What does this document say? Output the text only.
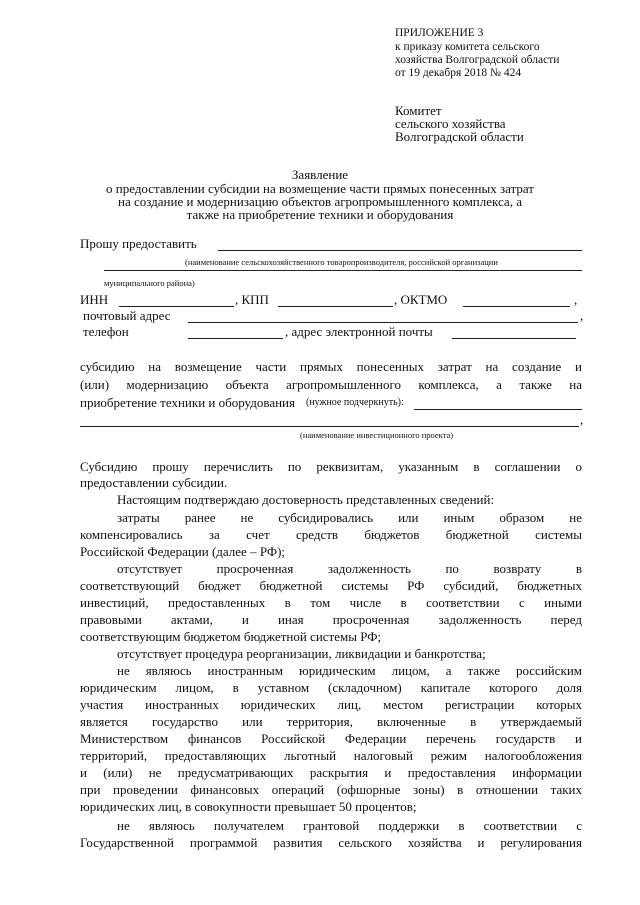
ПРИЛОЖЕНИЕ 3
к приказу комитета сельского
хозяйства Волгоградской области
от 19 декабря 2018 № 424
Комитет
сельского хозяйства
Волгоградской области
Заявление
о предоставлении субсидии на возмещение части прямых понесенных затрат
на создание и модернизацию объектов агропромышленного комплекса, а
также на приобретение техники и оборудования
Прошу предоставить
(наименование сельскохозяйственного товаропроизводителя, российской организации
муниципального района)
ИНН	, КПП	, ОКТМО	,
почтовый адрес	,
телефон	, адрес электронной почты
субсидию на возмещение части прямых понесенных затрат на создание и
(или) модернизацию объекта агропромышленного комплекса, а также на
приобретение техники и оборудования (нужное подчеркнуть):
,
(наименование инвестиционного проекта)
Субсидию прошу перечислить по реквизитам, указанным в соглашении о
предоставлении субсидии.
Настоящим подтверждаю достоверность представленных сведений:
затраты ранее не субсидировались или иным образом не
компенсировались за счет средств бюджетов бюджетной системы
Российской Федерации (далее – РФ);
отсутствует просроченная задолженность по возврату в
соответствующий бюджет бюджетной системы РФ субсидий, бюджетных
инвестиций, предоставленных в том числе в соответствии с иными
правовыми актами, и иная просроченная задолженность перед
соответствующим бюджетом бюджетной системы РФ;
отсутствует процедура реорганизации, ликвидации и банкротства;
не являюсь иностранным юридическим лицом, а также российским
юридическим лицом, в уставном (складочном) капитале которого доля
участия иностранных юридических лиц, местом регистрации которых
является государство или территория, включенные в утверждаемый
Министерством финансов Российской Федерации перечень государств и
территорий, предоставляющих льготный налоговый режим налогообложения
и (или) не предусматривающих раскрытия и предоставления информации
при проведении финансовых операций (офшорные зоны) в отношении таких
юридических лиц, в совокупности превышает 50 процентов;
не являюсь получателем грантовой поддержки в соответствии с
Государственной программой развития сельского хозяйства и регулирования
